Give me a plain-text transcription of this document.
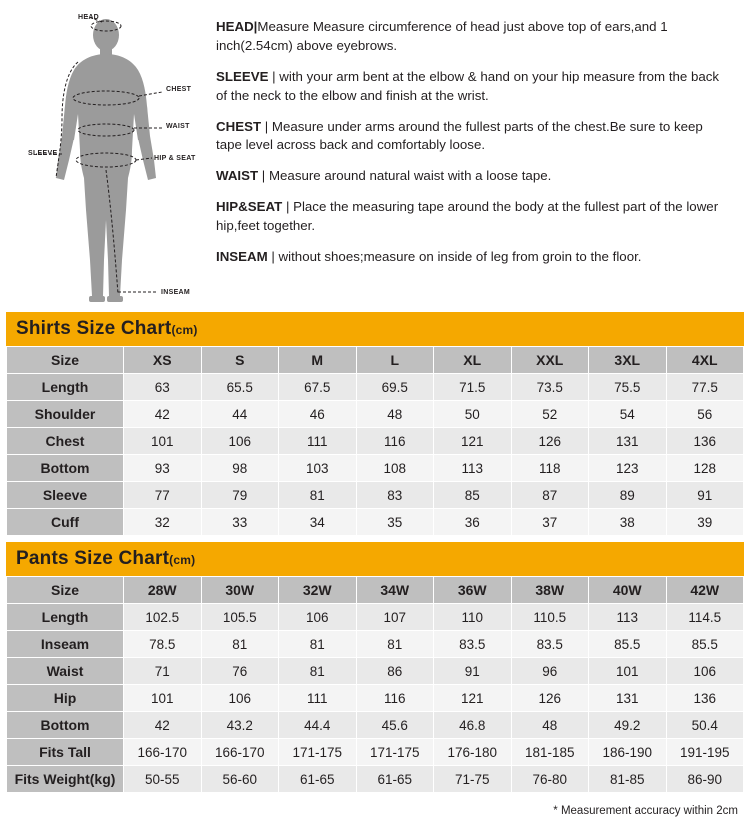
HEAD
CHEST
WAIST
HIP & SEAT
SLEEVE
INSEAM

HEAD|Measure Measure circumference of head just above top of ears,and 1 inch(2.54cm) above eyebrows.

SLEEVE | with your arm bent at the elbow & hand on your hip measure from the back of the neck to the elbow and finish at the wrist.

CHEST | Measure under arms around the fullest parts of the chest.Be sure to keep tape level across back and comfortably loose.

WAIST | Measure around natural waist with a loose tape.

HIP&SEAT | Place the measuring tape around the body at the fullest part of the lower hip,feet together.

INSEAM | without shoes;measure on inside of leg from groin to the floor.

Shirts Size Chart(cm)
Size	XS	S	M	L	XL	XXL	3XL	4XL
Length	63	65.5	67.5	69.5	71.5	73.5	75.5	77.5
Shoulder	42	44	46	48	50	52	54	56
Chest	101	106	111	116	121	126	131	136
Bottom	93	98	103	108	113	118	123	128
Sleeve	77	79	81	83	85	87	89	91
Cuff	32	33	34	35	36	37	38	39
Pants Size Chart(cm)
Size	28W	30W	32W	34W	36W	38W	40W	42W
Length	102.5	105.5	106	107	110	110.5	113	114.5
Inseam	78.5	81	81	81	83.5	83.5	85.5	85.5
Waist	71	76	81	86	91	96	101	106
Hip	101	106	111	116	121	126	131	136
Bottom	42	43.2	44.4	45.6	46.8	48	49.2	50.4
Fits Tall	166-170	166-170	171-175	171-175	176-180	181-185	186-190	191-195
Fits Weight(kg)	50-55	56-60	61-65	61-65	71-75	76-80	81-85	86-90
* Measurement accuracy within 2cm
